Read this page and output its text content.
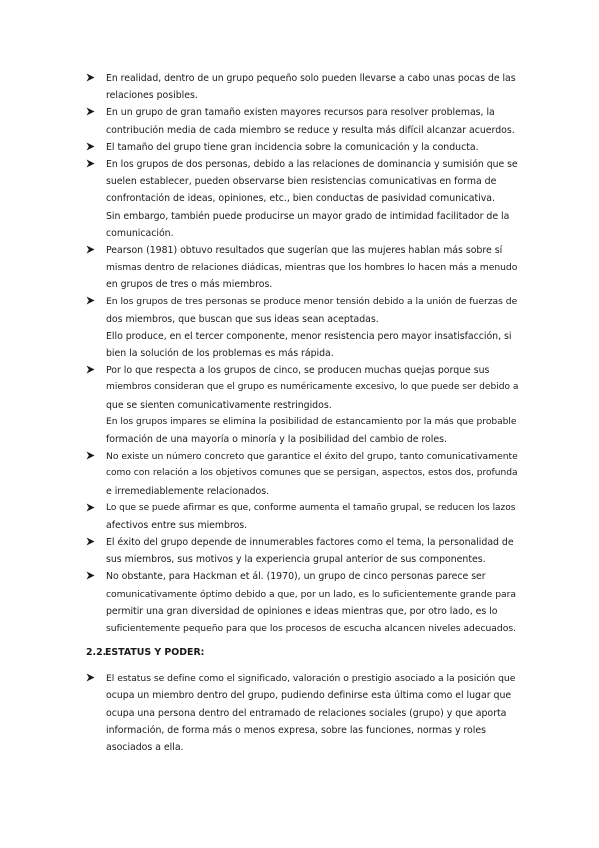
En realidad, dentro de un grupo pequeño solo pueden llevarse a cabo unas pocas de las
relaciones posibles.
En un grupo de gran tamaño existen mayores recursos para resolver problemas, la
contribución media de cada miembro se reduce y resulta más difícil alcanzar acuerdos.
El tamaño del grupo tiene gran incidencia sobre la comunicación y la conducta.
En los grupos de dos personas, debido a las relaciones de dominancia y sumisión que se
suelen establecer, pueden observarse bien resistencias comunicativas en forma de
confrontación de ideas, opiniones, etc., bien conductas de pasividad comunicativa.
Sin embargo, también puede producirse un mayor grado de intimidad facilitador de la
comunicación.
Pearson (1981) obtuvo resultados que sugerían que las mujeres hablan más sobre sí
mismas dentro de relaciones diádicas, mientras que los hombres lo hacen más a menudo
en grupos de tres o más miembros.
En los grupos de tres personas se produce menor tensión debido a la unión de fuerzas de
dos miembros, que buscan que sus ideas sean aceptadas.
Ello produce, en el tercer componente, menor resistencia pero mayor insatisfacción, si
bien la solución de los problemas es más rápida.
Por lo que respecta a los grupos de cinco, se producen muchas quejas porque sus
miembros consideran que el grupo es numéricamente excesivo, lo que puede ser debido a
que se sienten comunicativamente restringidos.
En los grupos impares se elimina la posibilidad de estancamiento por la más que probable
formación de una mayoría o minoría y la posibilidad del cambio de roles.
No existe un número concreto que garantice el éxito del grupo, tanto comunicativamente
como con relación a los objetivos comunes que se persigan, aspectos, estos dos, profunda
e irremediablemente relacionados.
Lo que se puede afirmar es que, conforme aumenta el tamaño grupal, se reducen los lazos
afectivos entre sus miembros.
El éxito del grupo depende de innumerables factores como el tema, la personalidad de
sus miembros, sus motivos y la experiencia grupal anterior de sus componentes.
No obstante, para Hackman et ál. (1970), un grupo de cinco personas parece ser
comunicativamente óptimo debido a que, por un lado, es lo suficientemente grande para
permitir una gran diversidad de opiniones e ideas mientras que, por otro lado, es lo
suficientemente pequeño para que los procesos de escucha alcancen niveles adecuados.
2.2.ESTATUS Y PODER:
El estatus se define como el significado, valoración o prestigio asociado a la posición que
ocupa un miembro dentro del grupo, pudiendo definirse esta última como el lugar que
ocupa una persona dentro del entramado de relaciones sociales (grupo) y que aporta
información, de forma más o menos expresa, sobre las funciones, normas y roles
asociados a ella.
